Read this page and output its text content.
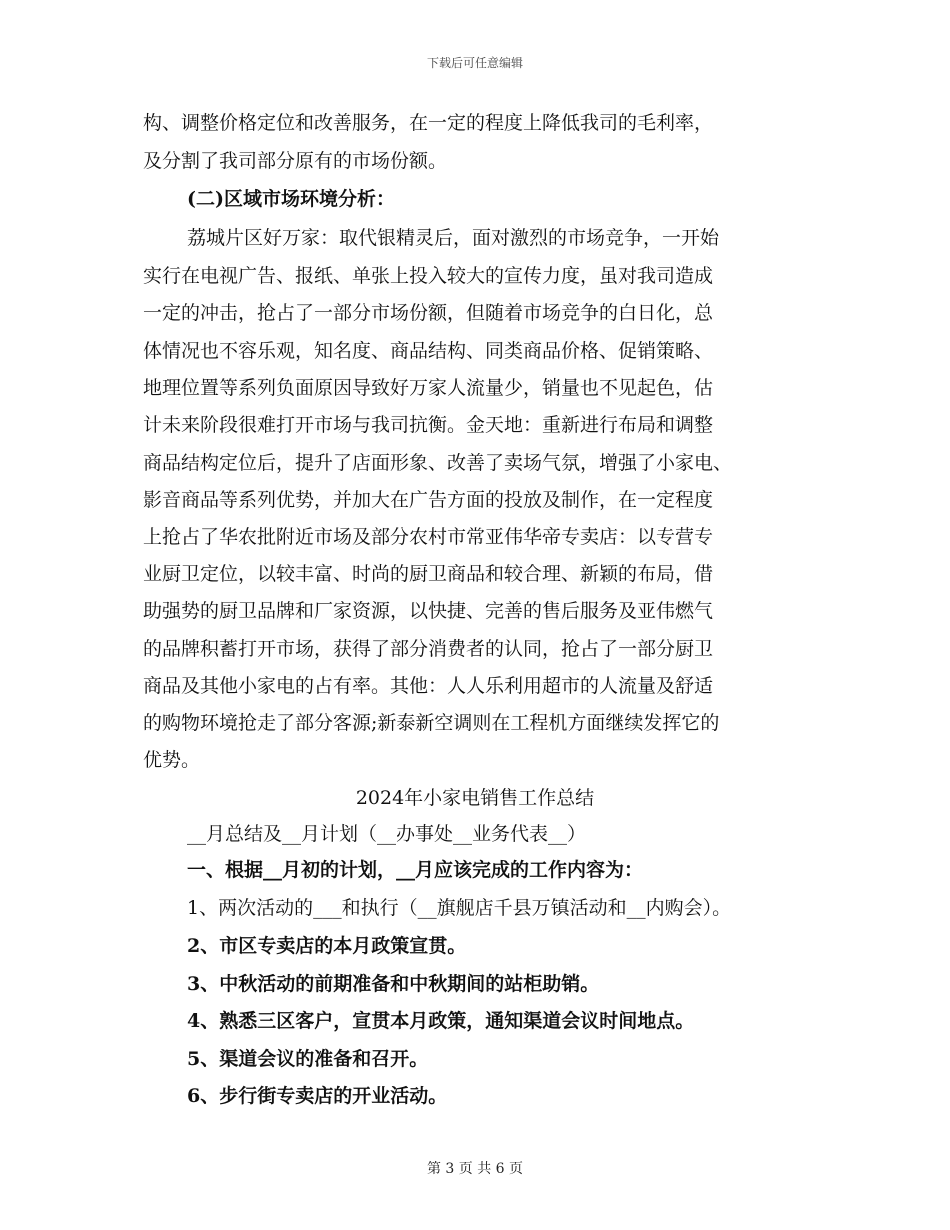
下载后可任意编辑
构、调整价格定位和改善服务，在一定的程度上降低我司的毛利率，
及分割了我司部分原有的市场份额。
(二)区域市场环境分析：
荔城片区好万家：取代银精灵后，面对激烈的市场竞争，一开始
实行在电视广告、报纸、单张上投入较大的宣传力度，虽对我司造成
一定的冲击，抢占了一部分市场份额，但随着市场竞争的白日化，总
体情况也不容乐观，知名度、商品结构、同类商品价格、促销策略、
地理位置等系列负面原因导致好万家人流量少，销量也不见起色，估
计未来阶段很难打开市场与我司抗衡。金天地：重新进行布局和调整
商品结构定位后，提升了店面形象、改善了卖场气氛，增强了小家电、
影音商品等系列优势，并加大在广告方面的投放及制作，在一定程度
上抢占了华农批附近市场及部分农村市常亚伟华帝专卖店：以专营专
业厨卫定位，以较丰富、时尚的厨卫商品和较合理、新颖的布局，借
助强势的厨卫品牌和厂家资源，以快捷、完善的售后服务及亚伟燃气
的品牌积蓄打开市场，获得了部分消费者的认同，抢占了一部分厨卫
商品及其他小家电的占有率。其他：人人乐利用超市的人流量及舒适
的购物环境抢走了部分客源;新泰新空调则在工程机方面继续发挥它的
优势。
2024年小家电销售工作总结
__月总结及__月计划（__办事处__业务代表__）
一、根据__月初的计划，__月应该完成的工作内容为：
1、两次活动的___和执行（__旗舰店千县万镇活动和__内购会）。
2、市区专卖店的本月政策宣贯。
3、中秋活动的前期准备和中秋期间的站柜助销。
4、熟悉三区客户，宣贯本月政策，通知渠道会议时间地点。
5、渠道会议的准备和召开。
6、步行街专卖店的开业活动。
第 3 页 共 6 页
